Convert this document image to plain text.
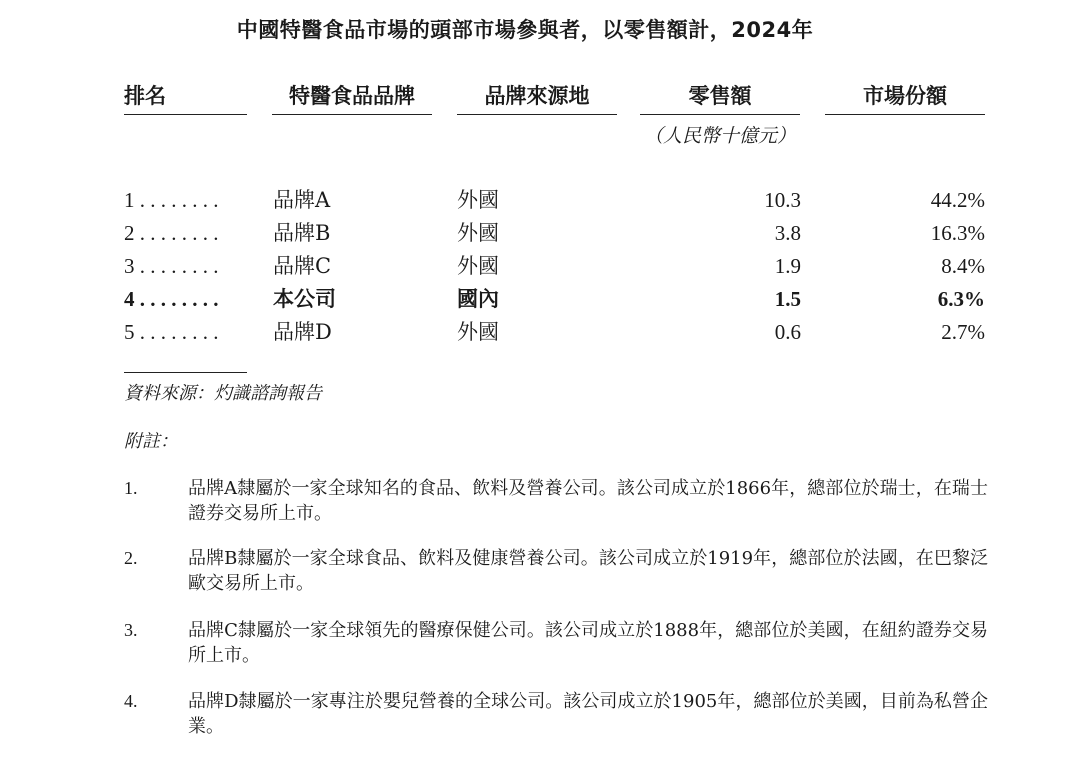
中國特醫食品市場的頭部市場參與者，以零售額計，2024年
排名	特醫食品品牌	品牌來源地	零售額	市場份額
（人民幣十億元）
1 . . . . . . . .	品牌A	外國	10.3	44.2%
2 . . . . . . . .	品牌B	外國	3.8	16.3%
3 . . . . . . . .	品牌C	外國	1.9	8.4%
4 . . . . . . . .	本公司	國內	1.5	6.3%
5 . . . . . . . .	品牌D	外國	0.6	2.7%
資料來源：灼識諮詢報告
附註：
1.	品牌A隸屬於一家全球知名的食品、飲料及營養公司。該公司成立於1866年，總部位於瑞士，在瑞士證券交易所上市。
2.	品牌B隸屬於一家全球食品、飲料及健康營養公司。該公司成立於1919年，總部位於法國，在巴黎泛歐交易所上市。
3.	品牌C隸屬於一家全球領先的醫療保健公司。該公司成立於1888年，總部位於美國，在紐約證券交易所上市。
4.	品牌D隸屬於一家專注於嬰兒營養的全球公司。該公司成立於1905年，總部位於美國，目前為私營企業。
